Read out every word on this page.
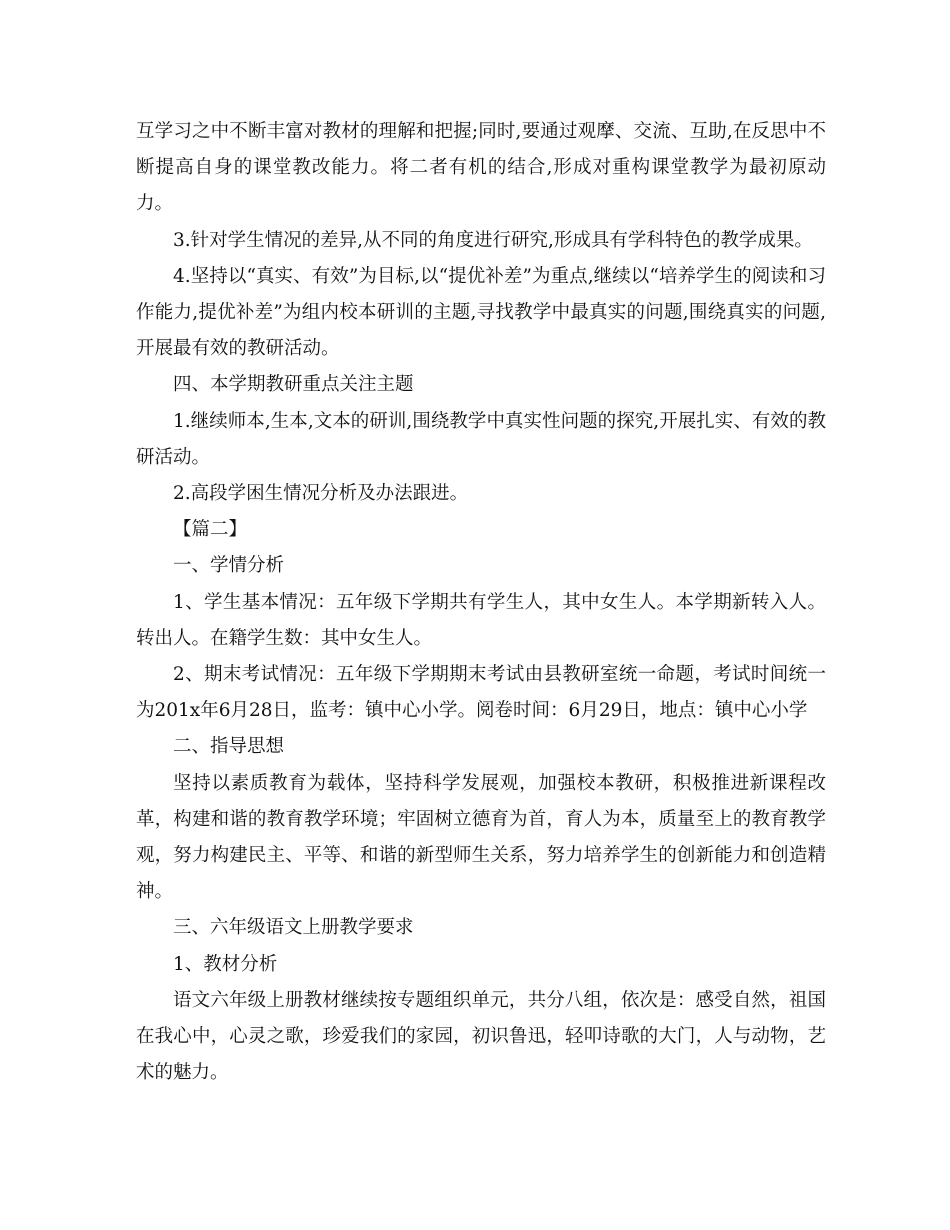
互学习之中不断丰富对教材的理解和把握;同时,要通过观摩、交流、互助,在反思中不断提高自身的课堂教改能力。将二者有机的结合,形成对重构课堂教学为最初原动力。

3.针对学生情况的差异,从不同的角度进行研究,形成具有学科特色的教学成果。

4.坚持以“真实、有效”为目标,以“提优补差”为重点,继续以“培养学生的阅读和习作能力,提优补差”为组内校本研训的主题,寻找教学中最真实的问题,围绕真实的问题,开展最有效的教研活动。

四、本学期教研重点关注主题

1.继续师本,生本,文本的研训,围绕教学中真实性问题的探究,开展扎实、有效的教研活动。

2.高段学困生情况分析及办法跟进。

【篇二】

一、学情分析

1、学生基本情况：五年级下学期共有学生人，其中女生人。本学期新转入人。转出人。在籍学生数：其中女生人。

2、期末考试情况：五年级下学期期末考试由县教研室统一命题，考试时间统一为201x年6月28日，监考：镇中心小学。阅卷时间：6月29日，地点：镇中心小学

二、指导思想

坚持以素质教育为载体，坚持科学发展观，加强校本教研，积极推进新课程改革，构建和谐的教育教学环境；牢固树立德育为首，育人为本，质量至上的教育教学观，努力构建民主、平等、和谐的新型师生关系，努力培养学生的创新能力和创造精神。

三、六年级语文上册教学要求

1、教材分析

语文六年级上册教材继续按专题组织单元，共分八组，依次是：感受自然，祖国在我心中，心灵之歌，珍爱我们的家园，初识鲁迅，轻叩诗歌的大门，人与动物，艺术的魅力。
